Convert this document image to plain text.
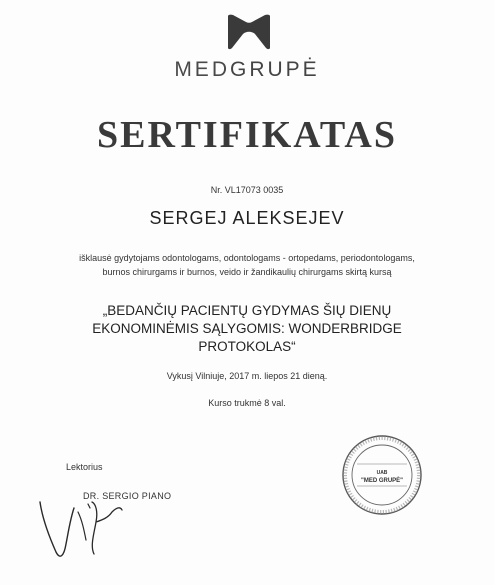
MEDGRUPĖ
SERTIFIKATAS
Nr. VL17073 0035
SERGEJ ALEKSEJEV
išklausė gydytojams odontologams, odontologams - ortopedams, periodontologams,
burnos chirurgams ir burnos, veido ir žandikaulių chirurgams skirtą kursą
„BEDANČIŲ PACIENTŲ GYDYMAS ŠIŲ DIENŲ
EKONOMINĖMIS SĄLYGOMIS: WONDERBRIDGE
PROTOKOLAS“
Vykusį Vilniuje, 2017 m. liepos 21 dieną.
Kurso trukmė 8 val.
Lektorius
DR. SERGIO PIANO
UAB
"MED GRUPĖ"
